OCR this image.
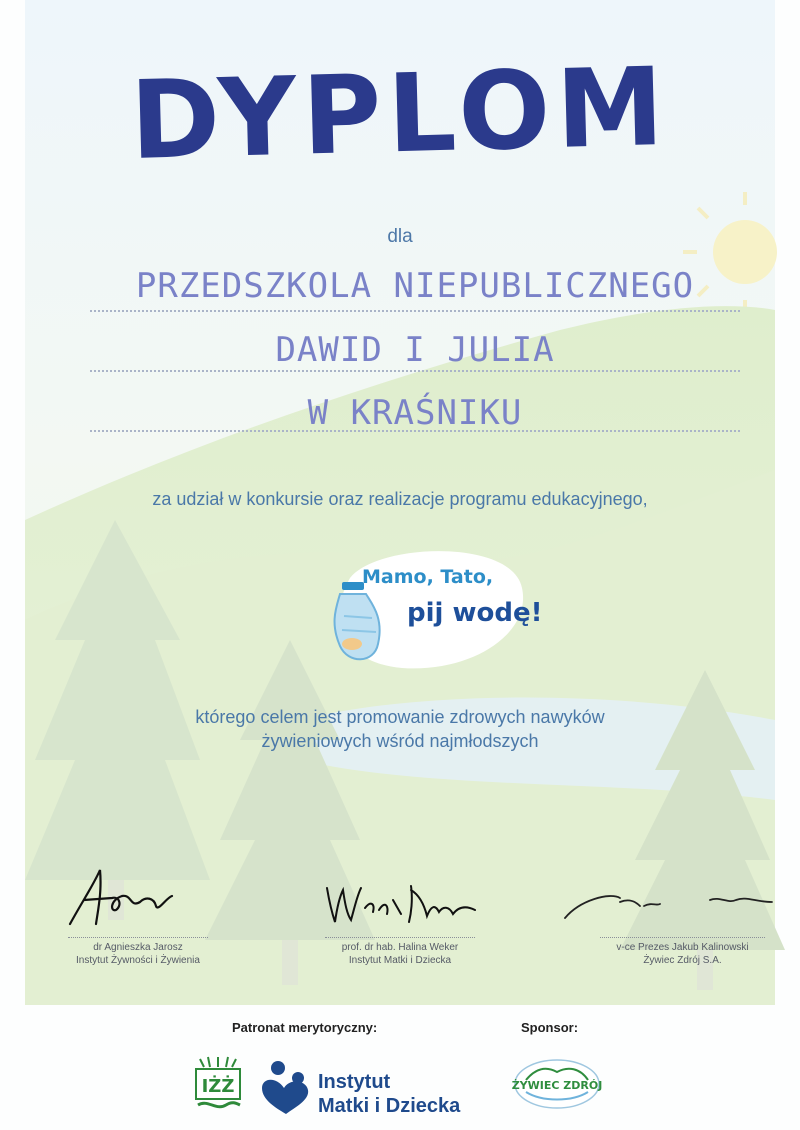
DYPLOM
dla
PRZEDSZKOLA NIEPUBLICZNEGO
DAWID I JULIA
W KRAŚNIKU
za udział w konkursie oraz realizacje programu edukacyjnego,
Mamo, Tato,
pij wodę!
którego celem jest promowanie zdrowych nawyków
żywieniowych wśród najmłodszych
dr Agnieszka Jarosz
Instytut Żywności i Żywienia
prof. dr hab. Halina Weker
Instytut Matki i Dziecka
v-ce Prezes Jakub Kalinowski
Żywiec Zdrój S.A.
Patronat merytoryczny:	Sponsor:
IŻŻ	Instytut
Matki i Dziecka
ŻYWIEC ZDRÓJ
